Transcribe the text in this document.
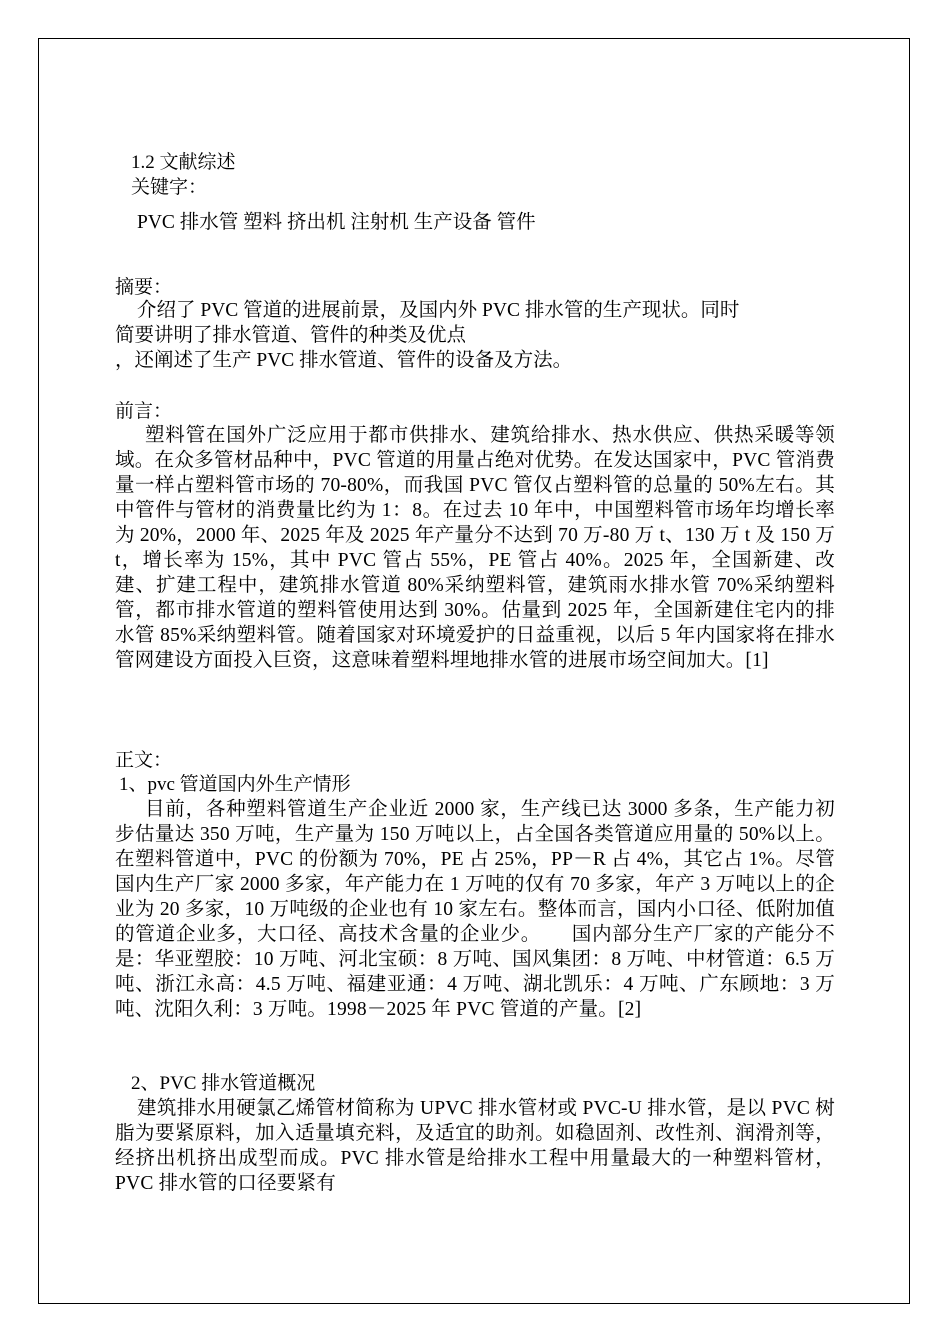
1.2 文献综述
关键字：
PVC 排水管 塑料 挤出机 注射机 生产设备 管件
摘要：
介绍了 PVC 管道的进展前景，及国内外 PVC 排水管的生产现状。同时
简要讲明了排水管道、管件的种类及优点
，还阐述了生产 PVC 排水管道、管件的设备及方法。
前言：
塑料管在国外广泛应用于都市供排水、建筑给排水、热水供应、供热采暖等领域。在众多管材品种中，PVC 管道的用量占绝对优势。在发达国家中，PVC 管消费量一样占塑料管市场的 70-80%，而我国 PVC 管仅占塑料管的总量的 50%左右。其中管件与管材的消费量比约为 1：8。在过去 10 年中，中国塑料管市场年均增长率为 20%，2000 年、2025 年及 2025 年产量分不达到 70 万-80 万 t、130 万 t 及 150 万 t，增长率为 15%，其中 PVC 管占 55%，PE 管占 40%。2025 年，全国新建、改建、扩建工程中，建筑排水管道 80%采纳塑料管，建筑雨水排水管 70%采纳塑料管，都市排水管道的塑料管使用达到 30%。估量到 2025 年，全国新建住宅内的排水管 85%采纳塑料管。随着国家对环境爱护的日益重视，以后 5 年内国家将在排水管网建设方面投入巨资，这意味着塑料埋地排水管的进展市场空间加大。[1]
正文：
1、pvc 管道国内外生产情形
目前，各种塑料管道生产企业近 2000 家，生产线已达 3000 多条，生产能力初步估量达 350 万吨，生产量为 150 万吨以上，占全国各类管道应用量的 50%以上。在塑料管道中，PVC 的份额为 70%，PE 占 25%，PP－R 占 4%，其它占 1%。尽管国内生产厂家 2000 多家，年产能力在 1 万吨的仅有 70 多家，年产 3 万吨以上的企业为 20 多家，10 万吨级的企业也有 10 家左右。整体而言，国内小口径、低附加值的管道企业多，大口径、高技术含量的企业少。　　国内部分生产厂家的产能分不是：华亚塑胶：10 万吨、河北宝硕：8 万吨、国风集团：8 万吨、中材管道：6.5 万吨、浙江永高：4.5 万吨、福建亚通：4 万吨、湖北凯乐：4 万吨、广东顾地：3 万吨、沈阳久利：3 万吨。1998－2025 年 PVC 管道的产量。[2]
2、PVC 排水管道概况
建筑排水用硬氯乙烯管材简称为 UPVC 排水管材或 PVC-U 排水管，是以 PVC 树脂为要紧原料，加入适量填充料，及适宜的助剂。如稳固剂、改性剂、润滑剂等，经挤出机挤出成型而成。PVC 排水管是给排水工程中用量最大的一种塑料管材，PVC 排水管的口径要紧有
